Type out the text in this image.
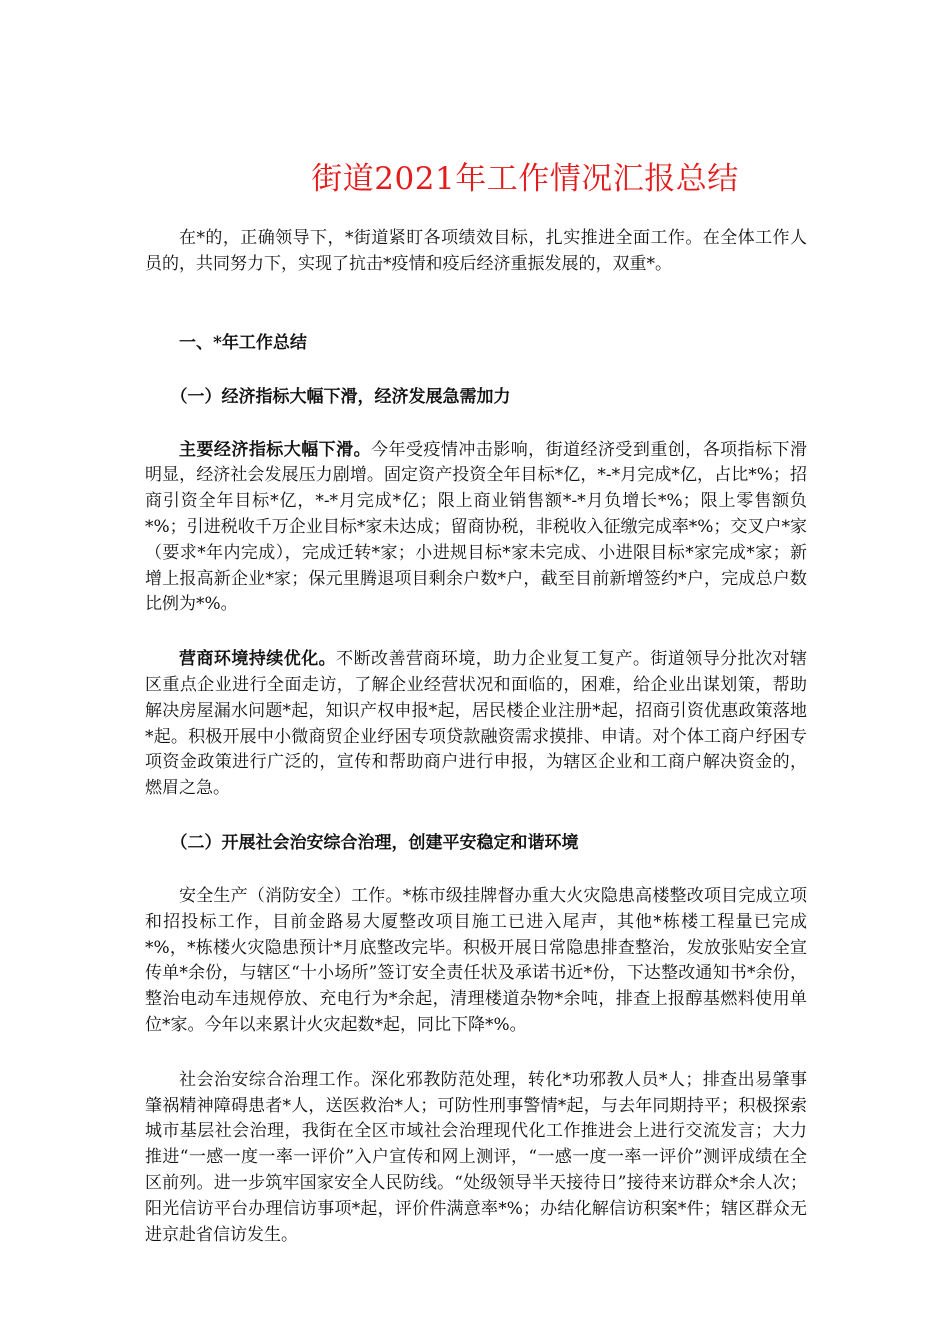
街道2021年工作情况汇报总结

在*的，正确领导下，*街道紧盯各项绩效目标，扎实推进全面工作。在全体工作人员的，共同努力下，实现了抗击*疫情和疫后经济重振发展的，双重*。

一、*年工作总结

（一）经济指标大幅下滑，经济发展急需加力

主要经济指标大幅下滑。今年受疫情冲击影响，街道经济受到重创，各项指标下滑明显，经济社会发展压力剧增。固定资产投资全年目标*亿，*-*月完成*亿，占比*%；招商引资全年目标*亿，*-*月完成*亿；限上商业销售额*-*月负增长*%；限上零售额负*%；引进税收千万企业目标*家未达成；留商协税，非税收入征缴完成率*%；交叉户*家（要求*年内完成），完成迁转*家；小进规目标*家未完成、小进限目标*家完成*家；新增上报高新企业*家；保元里腾退项目剩余户数*户，截至目前新增签约*户，完成总户数比例为*%。

营商环境持续优化。不断改善营商环境，助力企业复工复产。街道领导分批次对辖区重点企业进行全面走访，了解企业经营状况和面临的，困难，给企业出谋划策，帮助解决房屋漏水问题*起，知识产权申报*起，居民楼企业注册*起，招商引资优惠政策落地*起。积极开展中小微商贸企业纾困专项贷款融资需求摸排、申请。对个体工商户纾困专项资金政策进行广泛的，宣传和帮助商户进行申报，为辖区企业和工商户解决资金的，燃眉之急。

（二）开展社会治安综合治理，创建平安稳定和谐环境

安全生产（消防安全）工作。*栋市级挂牌督办重大火灾隐患高楼整改项目完成立项和招投标工作，目前金路易大厦整改项目施工已进入尾声，其他*栋楼工程量已完成*%，*栋楼火灾隐患预计*月底整改完毕。积极开展日常隐患排查整治，发放张贴安全宣传单*余份，与辖区“十小场所”签订安全责任状及承诺书近*份，下达整改通知书*余份，整治电动车违规停放、充电行为*余起，清理楼道杂物*余吨，排查上报醇基燃料使用单位*家。今年以来累计火灾起数*起，同比下降*%。

社会治安综合治理工作。深化邪教防范处理，转化*功邪教人员*人；排查出易肇事肇祸精神障碍患者*人，送医救治*人；可防性刑事警情*起，与去年同期持平；积极探索城市基层社会治理，我街在全区市域社会治理现代化工作推进会上进行交流发言；大力推进“一感一度一率一评价”入户宣传和网上测评，“一感一度一率一评价”测评成绩在全区前列。进一步筑牢国家安全人民防线。“处级领导半天接待日”接待来访群众*余人次；阳光信访平台办理信访事项*起，评价件满意率*%；办结化解信访积案*件；辖区群众无进京赴省信访发生。
